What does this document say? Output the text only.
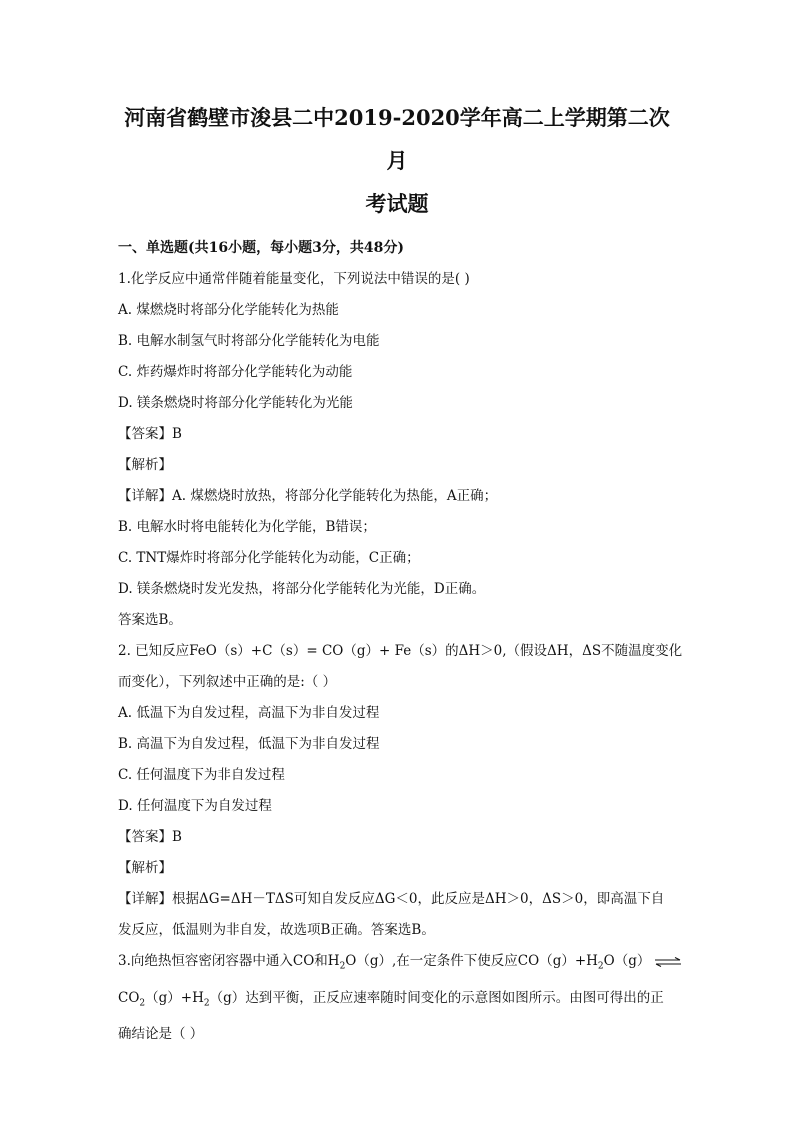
河南省鹤壁市浚县二中2019-2020学年高二上学期第二次月
考试题
一、单选题(共16小题，每小题3分，共48分)
1.化学反应中通常伴随着能量变化，下列说法中错误的是( )
A. 煤燃烧时将部分化学能转化为热能
B. 电解水制氢气时将部分化学能转化为电能
C. 炸药爆炸时将部分化学能转化为动能
D. 镁条燃烧时将部分化学能转化为光能
【答案】B
【解析】
【详解】A. 煤燃烧时放热，将部分化学能转化为热能，A正确；
B. 电解水时将电能转化为化学能，B错误；
C. TNT爆炸时将部分化学能转化为动能，C正确；
D. 镁条燃烧时发光发热，将部分化学能转化为光能，D正确。
答案选B。
2. 已知反应FeO（s）+C（s）= CO（g）+ Fe（s）的ΔH＞0,（假设ΔH，ΔS不随温度变化
而变化），下列叙述中正确的是:（ ）
A. 低温下为自发过程，高温下为非自发过程
B. 高温下为自发过程，低温下为非自发过程
C. 任何温度下为非自发过程
D. 任何温度下为自发过程
【答案】B
【解析】
【详解】根据ΔG=ΔH－TΔS可知自发反应ΔG＜0，此反应是ΔH＞0，ΔS＞0，即高温下自
发反应，低温则为非自发，故选项B正确。答案选B。
3.向绝热恒容密闭容器中通入CO和$H_2O(g)$,在一定条件下使反应$CO(g)+H_2O(g)$ ⇌
$CO_2(g)+H_2(g)$达到平衡，正反应速率随时间变化的示意图如图所示。由图可得出的正
确结论是（ ）
